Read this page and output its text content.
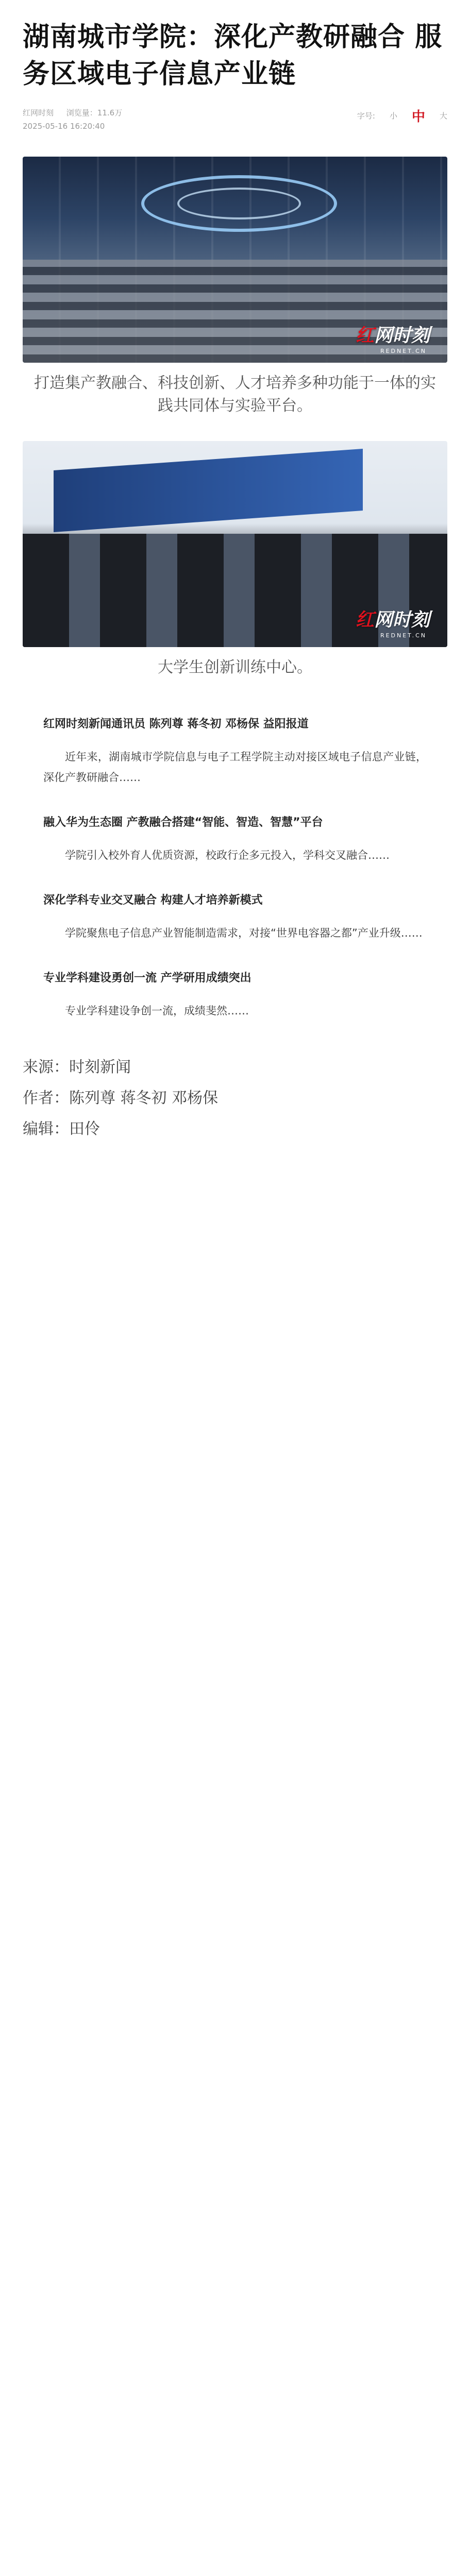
湖南城市学院：深化产教研融合 服务区域电子信息产业链
红网时刻 浏览量：11.6万
2025-05-16 16:20:40
字号: 小 中 大
红网时刻
REDNET.CN

打造集产教融合、科技创新、人才培养多种功能于一体的实践共同体与实验平台。

红网时刻
REDNET.CN

大学生创新训练中心。

红网时刻新闻通讯员 陈列尊 蒋冬初 邓杨保 益阳报道

近年来，湖南城市学院信息与电子工程学院主动对接区域电子信息产业链，深化产教研融合……

融入华为生态圈 产教融合搭建“智能、智造、智慧”平台

学院引入校外育人优质资源，校政行企多元投入，学科交叉融合……

深化学科专业交叉融合 构建人才培养新模式

学院聚焦电子信息产业智能制造需求，对接“世界电容器之都”产业升级……

专业学科建设勇创一流 产学研用成绩突出

专业学科建设争创一流，成绩斐然……

来源：时刻新闻
作者：陈列尊 蒋冬初 邓杨保
编辑：田伶
